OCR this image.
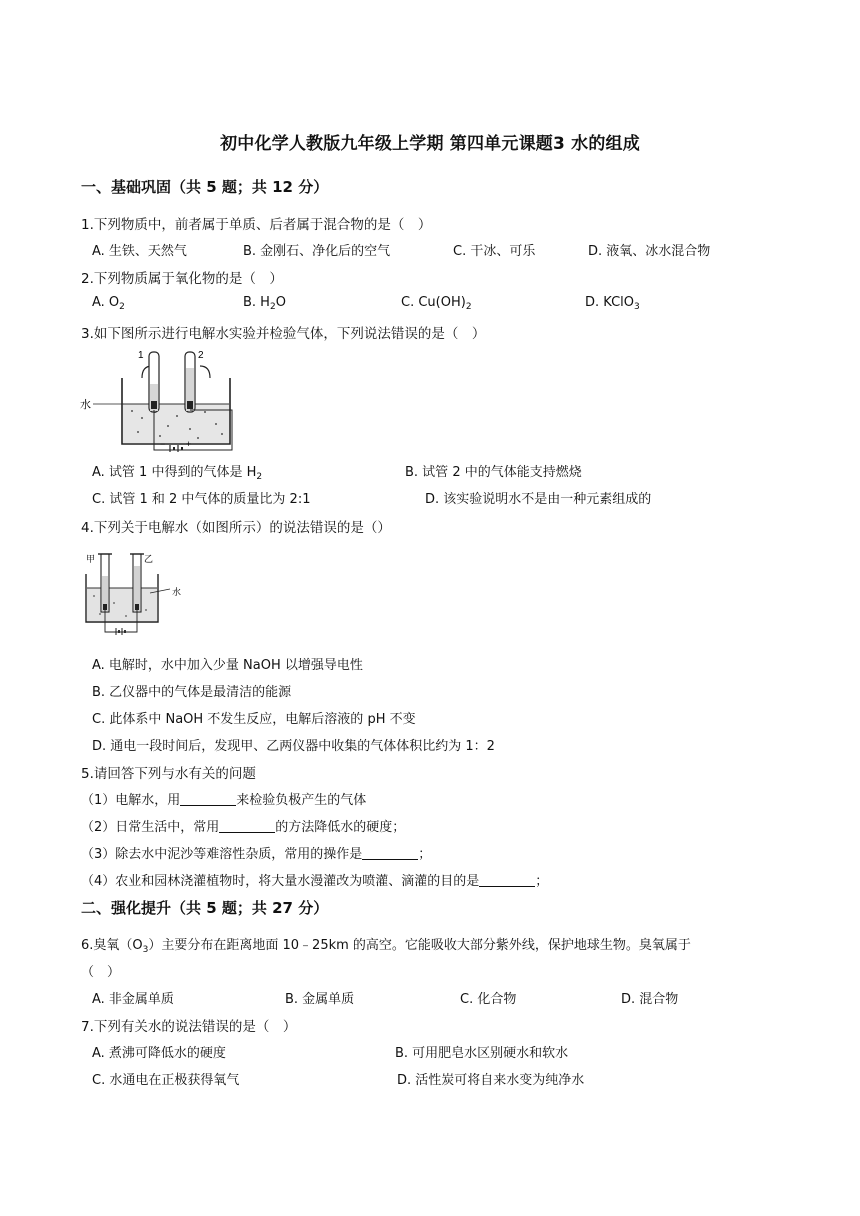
初中化学人教版九年级上学期 第四单元课题3 水的组成
一、基础巩固（共 5 题；共 12 分）
1.下列物质中，前者属于单质、后者属于混合物的是（　）
A. 生铁、天然气	B. 金刚石、净化后的空气	C. 干冰、可乐	D. 液氧、冰水混合物
2.下列物质属于氧化物的是（　）
A. $O_2$	B. $H_2O$	C. $Cu(OH)_2$	D. KClO$_3$
3.如下图所示进行电解水实验并检验气体，下列说法错误的是（　）
1	2
水
− +
A. 试管 1 中得到的气体是 $H_2$	B. 试管 2 中的气体能支持燃烧
C. 试管 1 和 2 中气体的质量比为 2:1	D. 该实验说明水不是由一种元素组成的
4.下列关于电解水（如图所示）的说法错误的是（）
甲	乙
水
A. 电解时，水中加入少量 NaOH 以增强导电性
B. 乙仪器中的气体是最清洁的能源
C. 此体系中 NaOH 不发生反应，电解后溶液的 pH 不变
D. 通电一段时间后，发现甲、乙两仪器中收集的气体体积比约为 1：2
5.请回答下列与水有关的问题
（1）电解水，用	来检验负极产生的气体
（2）日常生活中，常用	的方法降低水的硬度；
（3）除去水中泥沙等难溶性杂质，常用的操作是	；
（4）农业和园林浇灌植物时，将大量水漫灌改为喷灌、滴灌的目的是	；
二、强化提升（共 5 题；共 27 分）
6.臭氧$(O_3)$主要分布在距离地面 10﹣25km 的高空。它能吸收大部分紫外线，保护地球生物。臭氧属于
（　）
A. 非金属单质	B. 金属单质	C. 化合物	D. 混合物
7.下列有关水的说法错误的是（　）
A. 煮沸可降低水的硬度	B. 可用肥皂水区别硬水和软水
C. 水通电在正极获得氧气	D. 活性炭可将自来水变为纯净水
